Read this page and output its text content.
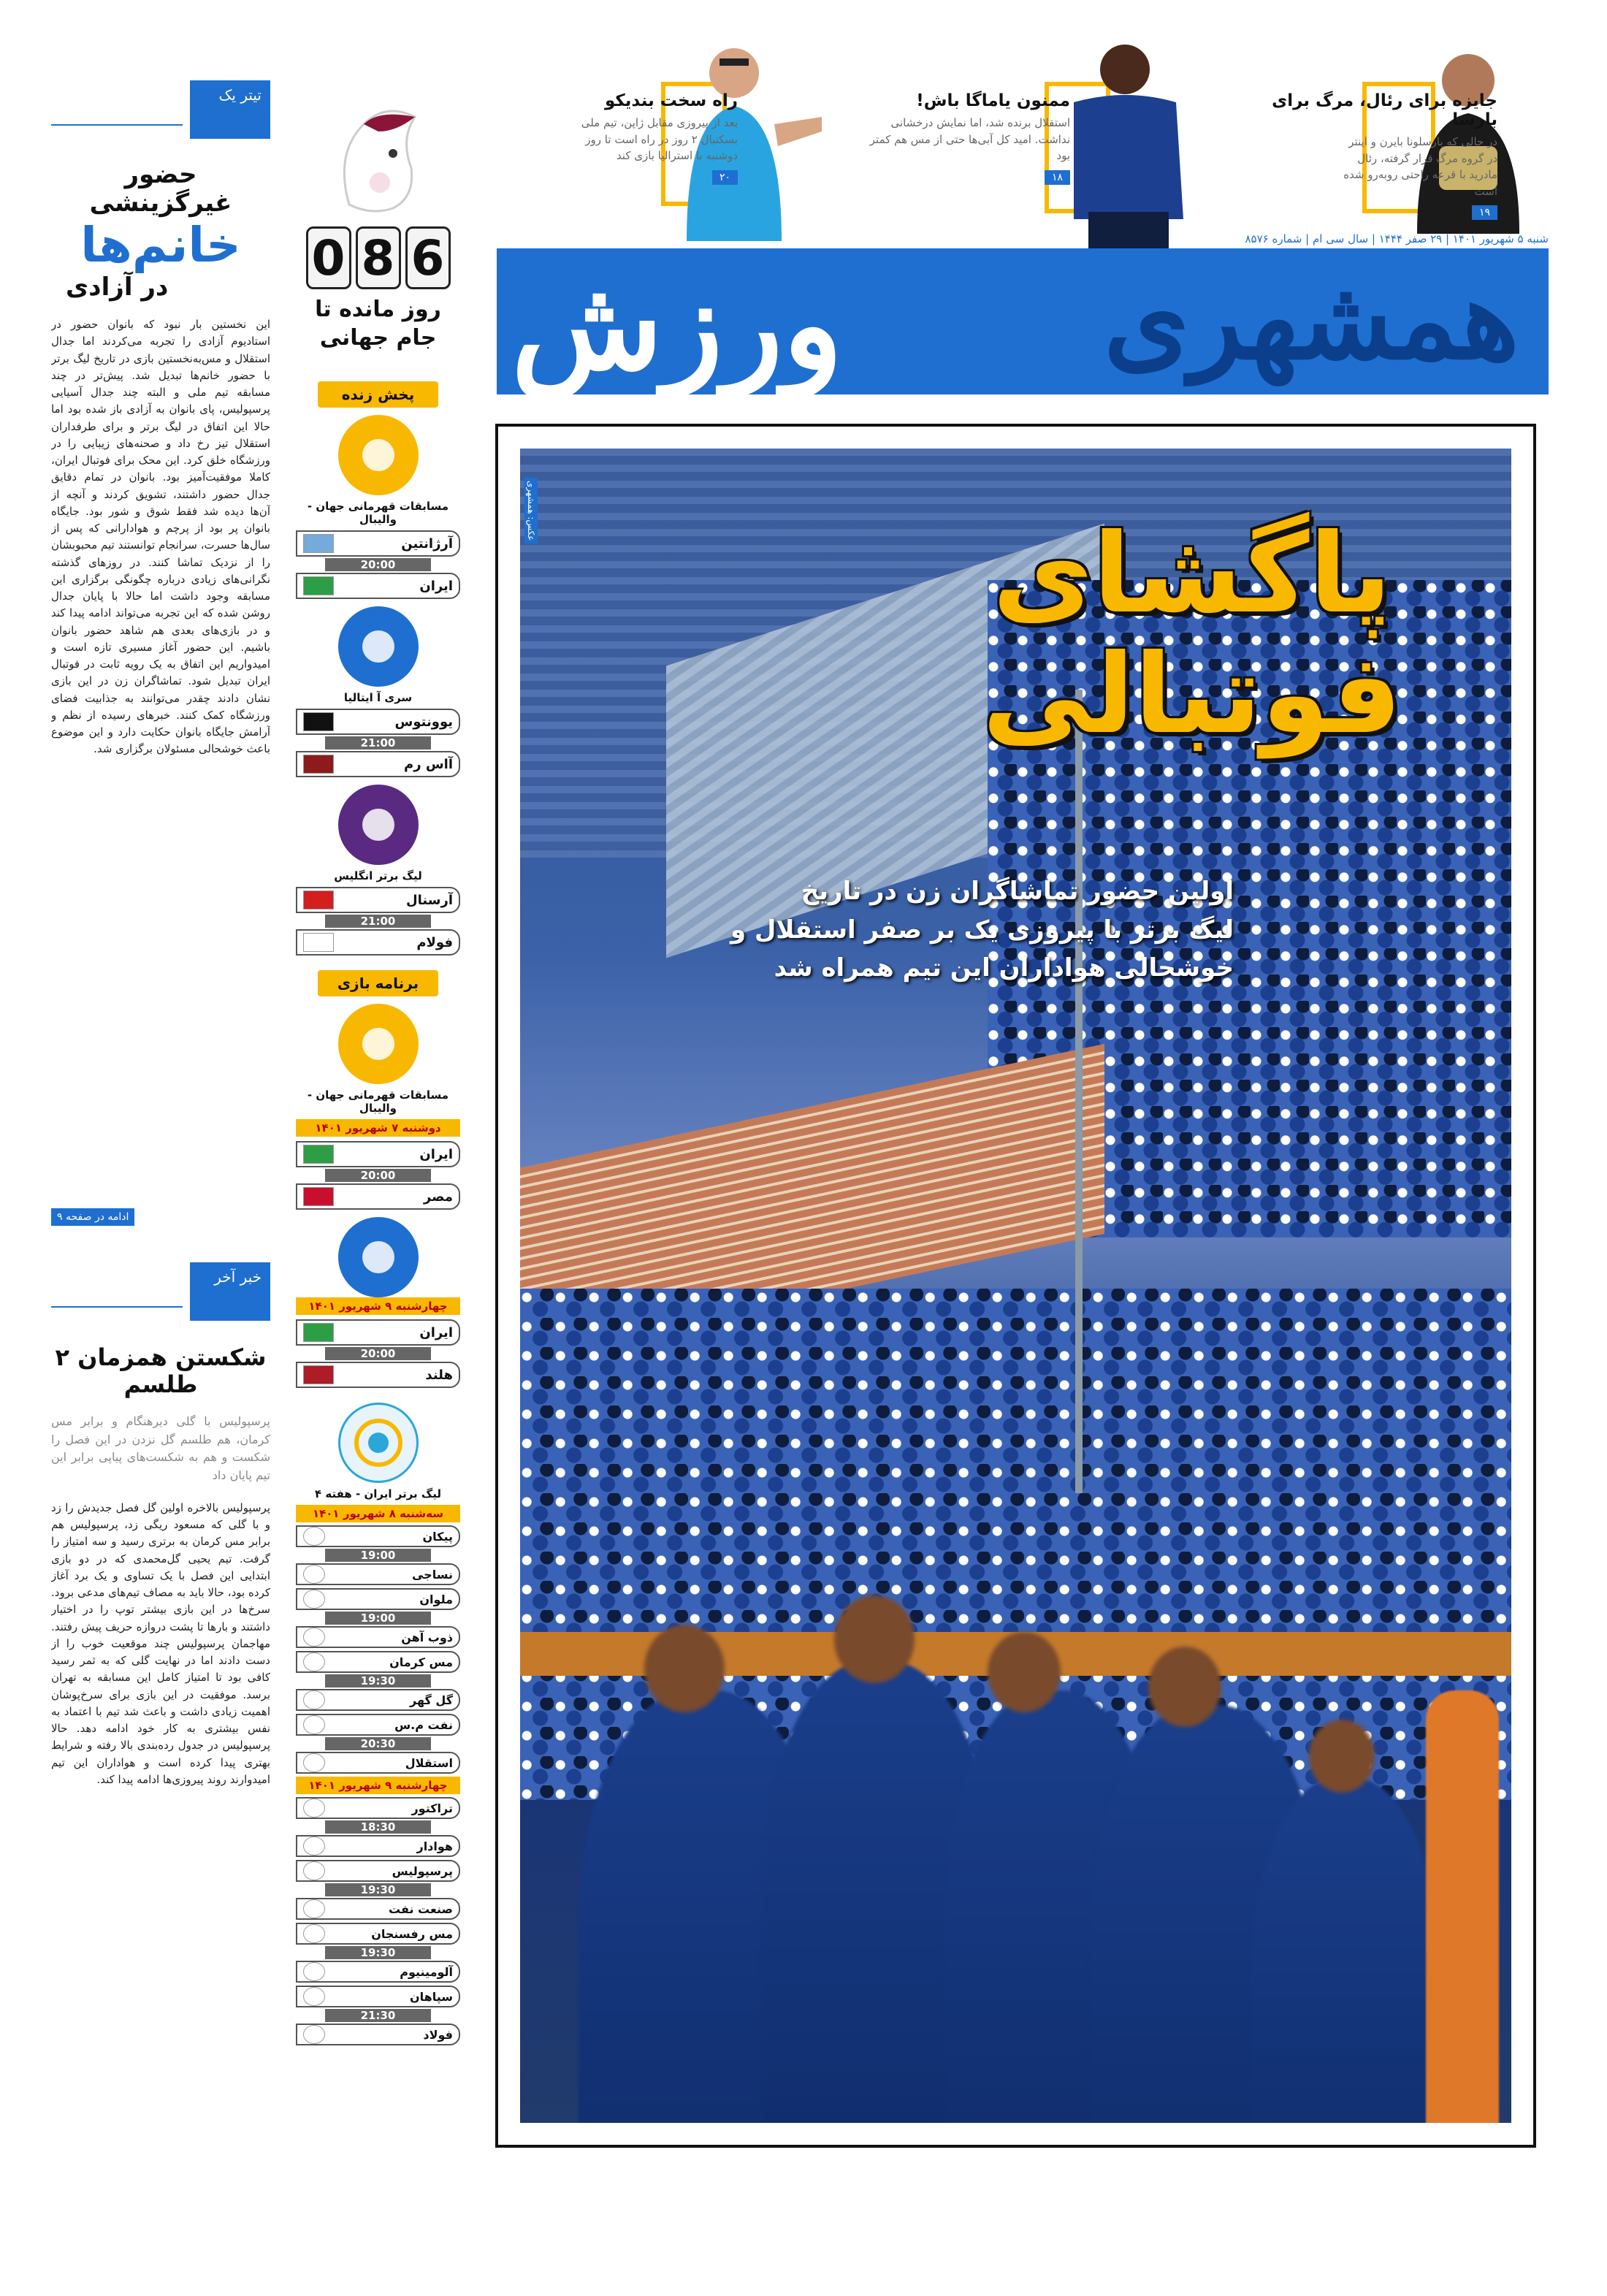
تیتر یک
حضور غیرگزینشی
خانم‌ها
در آزادی
این نخستین بار نبود که بانوان حضور در استادیوم آزادی را تجربه می‌کردند اما جدال استقلال و مس‌به‌نخستین بازی در تاریخ لیگ برتر با حضور خانم‌ها تبدیل شد. پیش‌تر در چند مسابقه تیم ملی و البته چند جدال آسیایی پرسپولیس، پای بانوان به آزادی باز شده بود اما حالا این اتفاق در لیگ برتر و برای طرفداران استقلال تیز رخ داد و صحنه‌های زیبایی را در ورزشگاه خلق کرد. این محک برای فوتبال ایران، کاملا موفقیت‌آمیز بود. بانوان در تمام دقایق جدال حضور داشتند، تشویق کردند و آنچه از آن‌ها دیده شد فقط شوق و شور بود. جایگاه بانوان پر بود از پرچم و هوادارانی که پس از سال‌ها حسرت، سرانجام توانستند تیم محبوبشان را از نزدیک تماشا کنند. در روزهای گذشته نگرانی‌های زیادی درباره چگونگی برگزاری این مسابقه وجود داشت اما حالا با پایان جدال روشن شده که این تجربه می‌تواند ادامه پیدا کند و در بازی‌های بعدی هم شاهد حضور بانوان باشیم. این حضور آغاز مسیری تازه است و امیدواریم این اتفاق به یک رویه ثابت در فوتبال ایران تبدیل شود. تماشاگران زن در این بازی نشان دادند چقدر می‌توانند به جذابیت فضای ورزشگاه کمک کنند. خبرهای رسیده از نظم و آرامش جایگاه بانوان حکایت دارد و این موضوع باعث خوشحالی مسئولان برگزاری شد.
ادامه در صفحه ۹
خبر آخر
شکستن همزمان ۲ طلسم
پرسپولیس با گلی دیرهنگام و برابر مس کرمان، هم طلسم گل نزدن در این فصل را شکست و هم به شکست‌های پیاپی برابر این تیم پایان داد
پرسپولیس بالاخره اولین گل فصل جدیدش را زد و با گلی که مسعود ریگی زد، پرسپولیس هم برابر مس کرمان به برتری رسید و سه امتیاز را گرفت. تیم یحیی گل‌محمدی که در دو بازی ابتدایی این فصل با یک تساوی و یک برد آغاز کرده بود، حالا باید به مصاف تیم‌های مدعی برود. سرخ‌ها در این بازی بیشتر توپ را در اختیار داشتند و بارها تا پشت دروازه حریف پیش رفتند. مهاجمان پرسپولیس چند موقعیت خوب را از دست دادند اما در نهایت گلی که به ثمر رسید کافی بود تا امتیاز کامل این مسابقه به تهران برسد. موفقیت در این بازی برای سرخ‌پوشان اهمیت زیادی داشت و باعث شد تیم با اعتماد به نفس بیشتری به کار خود ادامه دهد. حالا پرسپولیس در جدول رده‌بندی بالا رفته و شرایط بهتری پیدا کرده است و هواداران این تیم امیدوارند روند پیروزی‌ها ادامه پیدا کند.
6
8
0
روز مانده تا
جام جهانی
پخش زنده
مسابقات قهرمانی جهان - والیبال
آرژانتین
20:00
ایران
سری آ ایتالیا
یوونتوس
21:00
آاس رم
لیگ برتر انگلیس
آرسنال
21:00
فولام
برنامه بازی
مسابقات قهرمانی جهان - والیبال
دوشنبه ۷ شهریور ۱۴۰۱
ایران
20:00
مصر
چهارشنبه ۹ شهریور ۱۴۰۱
ایران
20:00
هلند
لیگ برتر ایران - هفته ۴
سه‌شنبه ۸ شهریور ۱۴۰۱
پیکان
19:00
نساجی
ملوان
19:00
ذوب آهن
مس کرمان
19:30
گل گهر
نفت م.س
20:30
استقلال
چهارشنبه ۹ شهریور ۱۴۰۱
تراکتور
18:30
هوادار
پرسپولیس
19:30
صنعت نفت
مس رفسنجان
19:30
آلومینیوم
سپاهان
21:30
فولاد
جایزه برای رئال، مرگ برای بارسا

در حالی که بارسلونا بایرن و اینتر در گروه مرگ قرار گرفته، رئال مادرید با قرعه راحتی روبه‌رو شده است

۱۹
ممنون یاماگا باش!

استقلال برنده شد، اما نمایش درخشانی نداشت. امید کل آبی‌ها حتی از مس‌ هم کمتر بود

۱۸
راه سخت بندیکو

بعد از پیروزی مقابل ژاپن، تیم ملی بسکتبال ۲ روز در راه است تا روز دوشنبه با استرالیا بازی کند

۲۰
شنبه ۵ شهریور ۱۴۰۱ | ۲۹ صفر ۱۴۴۴ | سال سی ام | شماره ۸۵۷۶
همشهری
ورزش
عکس: همشهری	پاگشای
فوتبالی
اولین حضور تماشاگران زن در تاریخ
لیگ برتر با پیروزی یک بر صفر استقلال و
خوشحالی هواداران این تیم همراه شد
